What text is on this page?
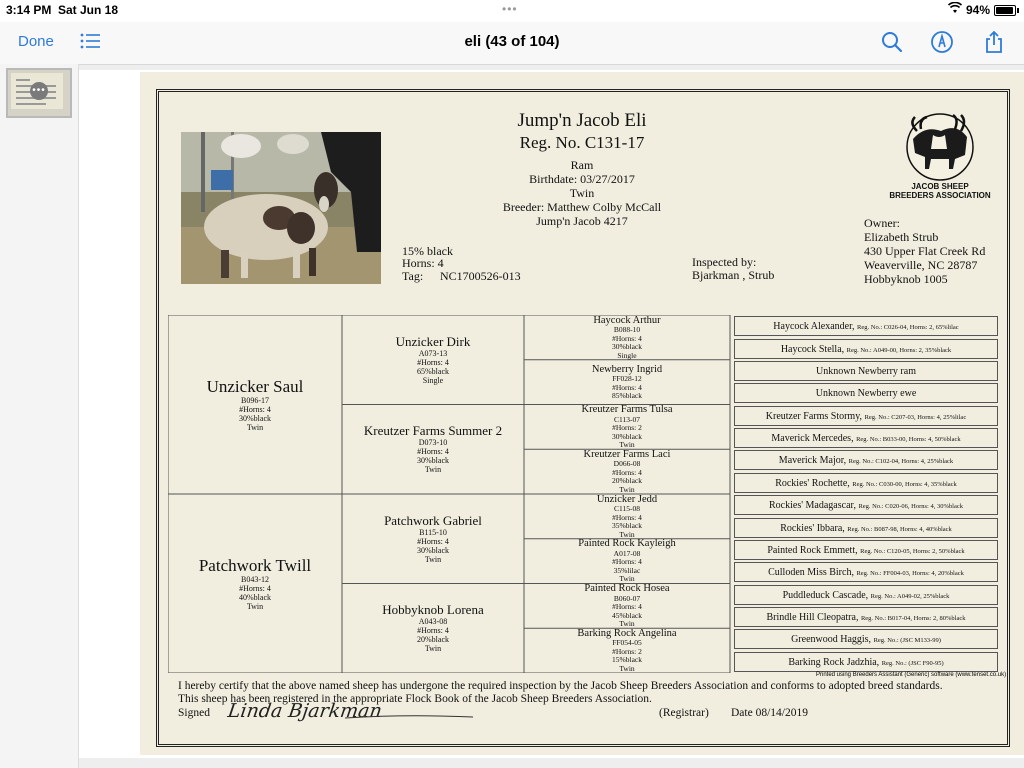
3:14 PM Sat Jun 18	•••	94%
Done	eli (43 of 104)
•••
Jump'n Jacob Eli
Reg. No. C131-17
Ram
Birthdate: 03/27/2017
Twin
Breeder: Matthew Colby McCall
Jump'n Jacob 4217
JACOB SHEEP
BREEDERS ASSOCIATION
15% black
Horns: 4
Tag: NC1700526-013
Inspected by:
Bjarkman , Strub
Owner:
Elizabeth Strub
430 Upper Flat Creek Rd
Weaverville, NC 28787
Hobbyknob 1005
Unzicker Saul
B096-17
#Horns: 4
30%black
Twin
Patchwork Twill
B043-12
#Horns: 4
40%black
Twin
Unzicker Dirk
A073-13
#Horns: 4
65%black
Single
Kreutzer Farms Summer 2
D073-10
#Horns: 4
30%black
Twin
Patchwork Gabriel
B115-10
#Horns: 4
30%black
Twin
Hobbyknob Lorena
A043-08
#Horns: 4
20%black
Twin
Haycock Arthur
B088-10
#Horns: 4
30%black
Single
Newberry Ingrid
FF028-12
#Horns: 4
85%black
Kreutzer Farms Tulsa
C113-07
#Horns: 2
30%black
Twin
Kreutzer Farms Laci
D066-08
#Horns: 4
20%black
Twin
Unzicker Jedd
C115-08
#Horns: 4
35%black
Twin
Painted Rock Kayleigh
A017-08
#Horns: 4
35%lilac
Twin
Painted Rock Hosea
B060-07
#Horns: 4
45%black
Twin
Barking Rock Angelina
FF054-05
#Horns: 2
15%black
Twin
Haycock Alexander, Reg. No.: C026-04, Horns: 2, 65%lilac
Haycock Stella, Reg. No.: A049-00, Horns: 2, 35%black
Unknown Newberry ram
Unknown Newberry ewe
Kreutzer Farms Stormy, Reg. No.: C207-03, Horns: 4, 25%lilac
Maverick Mercedes, Reg. No.: B033-00, Horns: 4, 50%black
Maverick Major, Reg. No.: C102-04, Horns: 4, 25%black
Rockies' Rochette, Reg. No.: C030-00, Horns: 4, 35%black
Rockies' Madagascar, Reg. No.: C020-06, Horns: 4, 30%black
Rockies' Ibbara, Reg. No.: B087-98, Horns: 4, 40%black
Painted Rock Emmett, Reg. No.: C120-05, Horns: 2, 50%black
Culloden Miss Birch, Reg. No.: FF004-03, Horns: 4, 20%black
Puddleduck Cascade, Reg. No.: A049-02, 25%black
Brindle Hill Cleopatra, Reg. No.: B017-04, Horns: 2, 80%black
Greenwood Haggis, Reg. No.: (JSC M133-99)
Barking Rock Jadzhia, Reg. No.: (JSC F90-95)
Printed using Breeders Assistant (Generic) software (www.tenset.co.uk)
I hereby certify that the above named sheep has undergone the required inspection by the Jacob Sheep Breeders Association and conforms to adopted breed standards.
This sheep has been registered in the appropriate Flock Book of the Jacob Sheep Breeders Association.
Signed Linda Bjarkman	(Registrar) Date 08/14/2019
